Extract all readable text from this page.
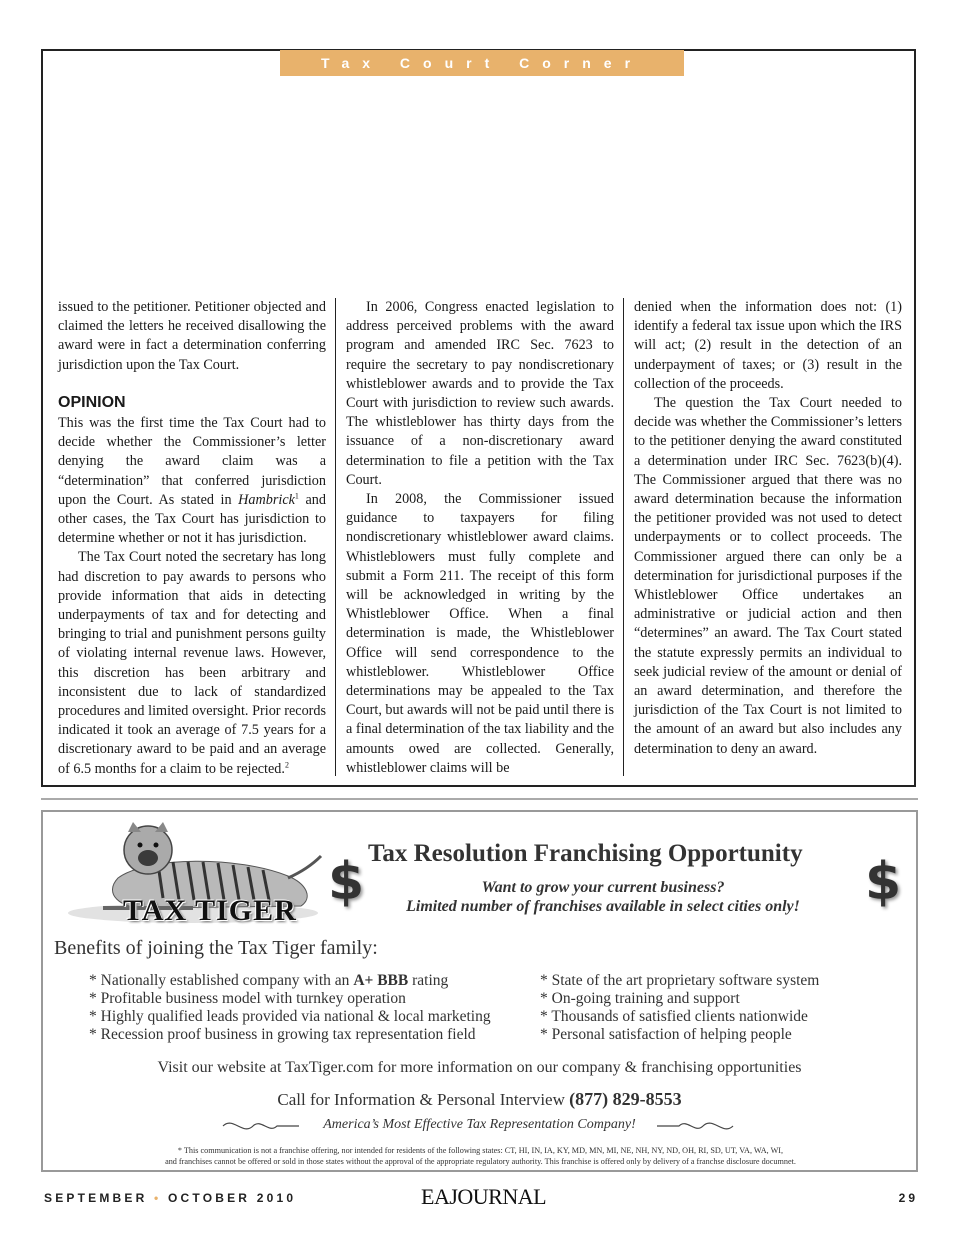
Tax Court Corner

issued to the petitioner. Petitioner objected and claimed the letters he received disallowing the award were in fact a determination conferring jurisdiction upon the Tax Court.

OPINION

This was the first time the Tax Court had to decide whether the Commissioner’s letter denying the award claim was a “determination” that conferred jurisdiction upon the Court. As stated in Hambrick$^1$ and other cases, the Tax Court has jurisdiction to determine whether or not it has jurisdiction.

The Tax Court noted the secretary has long had discretion to pay awards to persons who provide information that aids in detecting underpayments of tax and for detecting and bringing to trial and punishment persons guilty of violating internal revenue laws. However, this discretion has been arbitrary and inconsistent due to lack of standardized procedures and limited oversight. Prior records indicated it took an average of 7.5 years for a discretionary award to be paid and an average of 6.5 months for a claim to be rejected.$^2$

In 2006, Congress enacted legislation to address perceived problems with the award program and amended IRC Sec. 7623 to require the secretary to pay nondiscretionary whistleblower awards and to provide the Tax Court with jurisdiction to review such awards. The whistleblower has thirty days from the issuance of a non-discretionary award determination to file a petition with the Tax Court.

In 2008, the Commissioner issued guidance to taxpayers for filing nondiscretionary whistleblower award claims. Whistleblowers must fully complete and submit a Form 211. The receipt of this form will be acknowledged in writing by the Whistleblower Office. When a final determination is made, the Whistleblower Office will send correspondence to the whistleblower. Whistleblower Office determinations may be appealed to the Tax Court, but awards will not be paid until there is a final determination of the tax liability and the amounts owed are collected. Generally, whistleblower claims will be

denied when the information does not: (1) identify a federal tax issue upon which the IRS will act; (2) result in the detection of an underpayment of taxes; or (3) result in the collection of the proceeds.

The question the Tax Court needed to decide was whether the Commissioner’s letters to the petitioner denying the award constituted a determination under IRC Sec. 7623(b)(4). The Commissioner argued that there was no award determination because the information the petitioner provided was not used to detect underpayments or to collect proceeds. The Commissioner argued there can only be a determination for jurisdictional purposes if the Whistleblower Office undertakes an administrative or judicial action and then “determines” an award. The Tax Court stated the statute expressly permits an individual to seek judicial review of the amount or denial of an award determination, and therefore the jurisdiction of the Tax Court is not limited to the amount of an award but also includes any determination to deny an award.

TAX TIGER $	$
Tax Resolution Franchising Opportunity
Want to grow your current business?
Limited number of franchises available in select cities only!
Benefits of joining the Tax Tiger family:
* Nationally established company with an A+ BBB rating
* Profitable business model with turnkey operation
* Highly qualified leads provided via national & local marketing
* Recession proof business in growing tax representation field
* State of the art proprietary software system
* On-going training and support
* Thousands of satisfied clients nationwide
* Personal satisfaction of helping people
Visit our website at TaxTiger.com for more information on our company & franchising opportunities
Call for Information & Personal Interview (877) 829-8553
America’s Most Effective Tax Representation Company!
* This communication is not a franchise offering, nor intended for residents of the following states: CT, HI, IN, IA, KY, MD, MN, MI, NE, NH, NY, ND, OH, RI, SD, UT, VA, WA, WI,
and franchises cannot be offered or sold in those states without the approval of the appropriate regulatory authority. This franchise is offered only by delivery of a franchse disclosure documnet.
SEPTEMBER • OCTOBER 2010	EAJOURNAL	29
